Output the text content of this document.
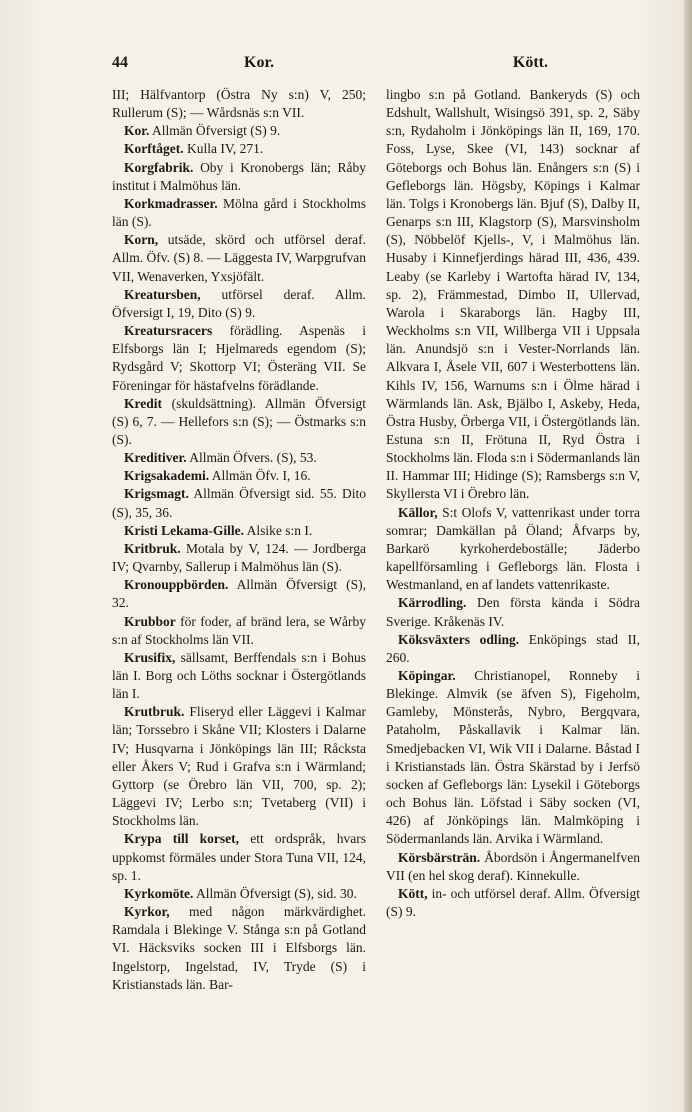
44	Kor.	Kött.

III; Hälfvantorp (Östra Ny s:n) V, 250; Rullerum (S); — Wårdsnäs s:n VII.

Kor. Allmän Öfversigt (S) 9.

Korftåget. Kulla IV, 271.

Korgfabrik. Oby i Kronobergs län; Råby institut i Malmöhus län.

Korkmadrasser. Mölna gård i Stockholms län (S).

Korn, utsäde, skörd och utförsel deraf. Allm. Öfv. (S) 8. — Läggesta IV, Warpgrufvan VII, Wenaverken, Yxsjöfält.

Kreatursben, utförsel deraf. Allm. Öfversigt I, 19, Dito (S) 9.

Kreatursracers förädling. Aspenäs i Elfsborgs län I; Hjelmareds egendom (S); Rydsgård V; Skottorp VI; Österäng VII. Se Föreningar för hästafvelns förädlande.

Kredit (skuldsättning). Allmän Öfversigt (S) 6, 7. — Hellefors s:n (S); — Östmarks s:n (S).

Kreditiver. Allmän Öfvers. (S), 53.

Krigsakademi. Allmän Öfv. I, 16.

Krigsmagt. Allmän Öfversigt sid. 55. Dito (S), 35, 36.

Kristi Lekama-Gille. Alsike s:n I.

Kritbruk. Motala by V, 124. — Jordberga IV; Qvarnby, Sallerup i Malmöhus län (S).

Kronouppbörden. Allmän Öfversigt (S), 32.

Krubbor för foder, af bränd lera, se Wårby s:n af Stockholms län VII.

Krusifix, sällsamt, Berffendals s:n i Bohus län I. Borg och Löths socknar i Östergötlands län I.

Krutbruk. Fliseryd eller Läggevi i Kalmar län; Torssebro i Skåne VII; Klosters i Dalarne IV; Husqvarna i Jönköpings län III; Råcksta eller Åkers V; Rud i Grafva s:n i Wärmland; Gyttorp (se Örebro län VII, 700, sp. 2); Läggevi IV; Lerbo s:n; Tvetaberg (VII) i Stockholms län.

Krypa till korset, ett ordspråk, hvars uppkomst förmäles under Stora Tuna VII, 124, sp. 1.

Kyrkomöte. Allmän Öfversigt (S), sid. 30.

Kyrkor, med någon märkvärdighet. Ramdala i Blekinge V. Stånga s:n på Gotland VI. Häcksviks socken III i Elfsborgs län. Ingelstorp, Ingelstad, IV, Tryde (S) i Kristianstads län. Bar-

lingbo s:n på Gotland. Bankeryds (S) och Edshult, Wallshult, Wisingsö 391, sp. 2, Säby s:n, Rydaholm i Jönköpings län II, 169, 170. Foss, Lyse, Skee (VI, 143) socknar af Göteborgs och Bohus län. Enångers s:n (S) i Gefleborgs län. Högsby, Köpings i Kalmar län. Tolgs i Kronobergs län. Bjuf (S), Dalby II, Genarps s:n III, Klagstorp (S), Marsvinsholm (S), Nöbbelöf Kjells-, V, i Malmöhus län. Husaby i Kinnefjerdings härad III, 436, 439. Leaby (se Karleby i Wartofta härad IV, 134, sp. 2), Främmestad, Dimbo II, Ullervad, Warola i Skaraborgs län. Hagby III, Weckholms s:n VII, Willberga VII i Uppsala län. Anundsjö s:n i Vester-Norrlands län. Alkvara I, Åsele VII, 607 i Westerbottens län. Kihls IV, 156, Warnums s:n i Ölme härad i Wärmlands län. Ask, Bjälbo I, Askeby, Heda, Östra Husby, Örberga VII, i Östergötlands län. Estuna s:n II, Frötuna II, Ryd Östra i Stockholms län. Floda s:n i Södermanlands län II. Hammar III; Hidinge (S); Ramsbergs s:n V, Skyllersta VI i Örebro län.

Källor, S:t Olofs V, vattenrikast under torra somrar; Damkällan på Öland; Åfvarps by, Barkarö kyrkoherdeboställe; Jäderbo kapellförsamling i Gefleborgs län. Flosta i Westmanland, en af landets vattenrikaste.

Kärrodling. Den första kända i Södra Sverige. Kråkenäs IV.

Köksväxters odling. Enköpings stad II, 260.

Köpingar. Christianopel, Ronneby i Blekinge. Almvik (se äfven S), Figeholm, Gamleby, Mönsterås, Nybro, Bergqvara, Pataholm, Påskallavik i Kalmar län. Smedjebacken VI, Wik VII i Dalarne. Båstad I i Kristianstads län. Östra Skärstad by i Jerfsö socken af Gefleborgs län: Lysekil i Göteborgs och Bohus län. Löfstad i Säby socken (VI, 426) af Jönköpings län. Malmköping i Södermanlands län. Arvika i Wärmland.

Körsbärsträn. Åbordsön i Ångermanelfven VII (en hel skog deraf). Kinnekulle.

Kött, in- och utförsel deraf. Allm. Öfversigt (S) 9.
